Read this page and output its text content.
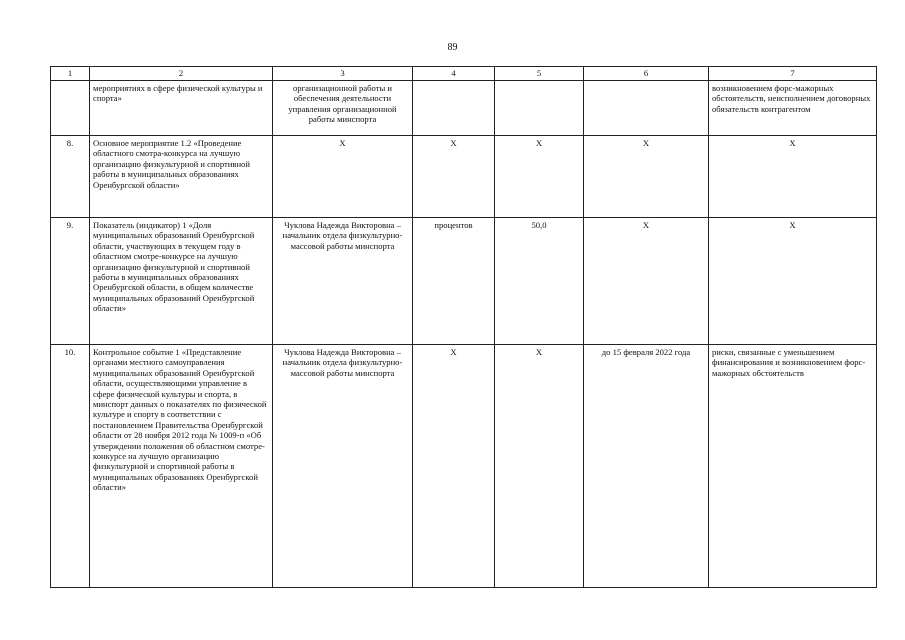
89
1	2	3	4	5	6	7
	мероприятиях в сфере физической культуры и спорта»	организационной работы и обеспечения деятельности управления организационной работы минспорта				возникновением форс-мажорных обстоятельств, неисполнением договорных обязательств контрагентом
8.	Основное мероприятие 1.2 «Проведение областного смотра-конкурса на лучшую организацию физкультурной и спортивной работы в муниципальных образованиях Оренбургской области»	Х	Х	Х	Х	Х
9.	Показатель (индикатор) 1 «Доля муниципальных образований Оренбургской области, участвующих в текущем году в областном смотре-конкурсе на лучшую организацию физкультурной и спортивной работы в муниципальных образованиях Оренбургской области, в общем количестве муниципальных образований Оренбургской области»	Чуклова Надежда Викторовна – начальник отдела физкультурно-массовой работы минспорта	процентов	50,0	Х	Х
10.	Контрольное событие 1 «Представление органами местного самоуправления муниципальных образований Оренбургской области, осуществляющими управление в сфере физической культуры и спорта, в минспорт данных о показателях по физической культуре и спорту в соответствии с постановлением Правительства Оренбургской области от 28 ноября 2012 года № 1009-п «Об утверждении положения об областном смотре-конкурсе на лучшую организацию физкультурной и спортивной работы в муниципальных образованиях Оренбургской области»	Чуклова Надежда Викторовна – начальник отдела физкультурно-массовой работы минспорта	Х	Х	до 15 февраля 2022 года	риски, связанные с уменьшением финансирования и возникновением форс-мажорных обстоятельств
